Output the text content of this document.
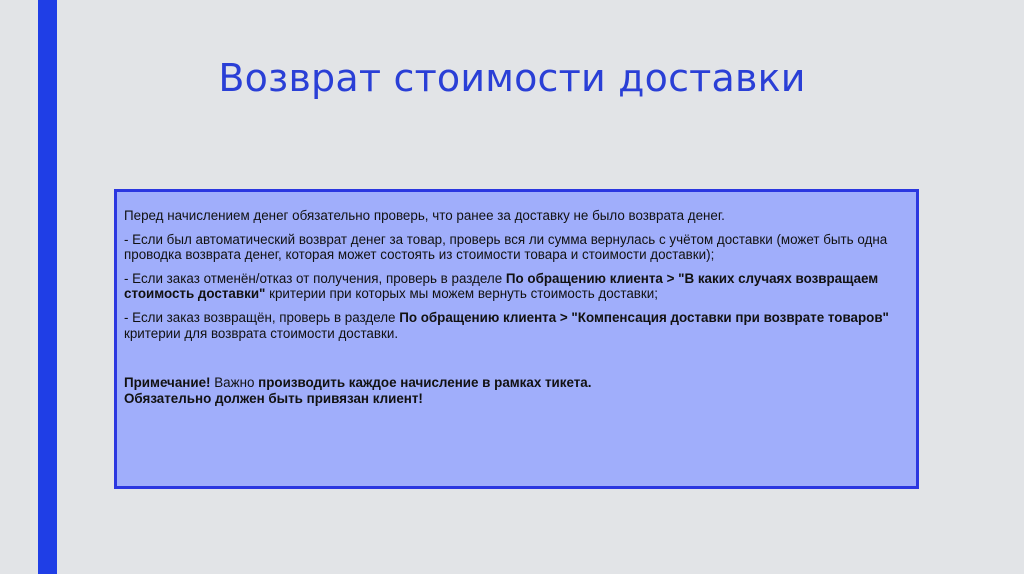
Возврат стоимости доставки

Перед начислением денег обязательно проверь, что ранее за доставку не было возврата денег.

- Если был автоматический возврат денег за товар, проверь вся ли сумма вернулась с учётом доставки (может быть одна проводка возврата денег, которая может состоять из стоимости товара и стоимости доставки);

- Если заказ отменён/отказ от получения, проверь в разделе По обращению клиента > "В каких случаях возвращаем стоимость доставки" критерии при которых мы можем вернуть стоимость доставки;

- Если заказ возвращён, проверь в разделе По обращению клиента > "Компенсация доставки при возврате товаров" критерии для возврата стоимости доставки.

Примечание! Важно производить каждое начисление в рамках тикета.
Обязательно должен быть привязан клиент!
